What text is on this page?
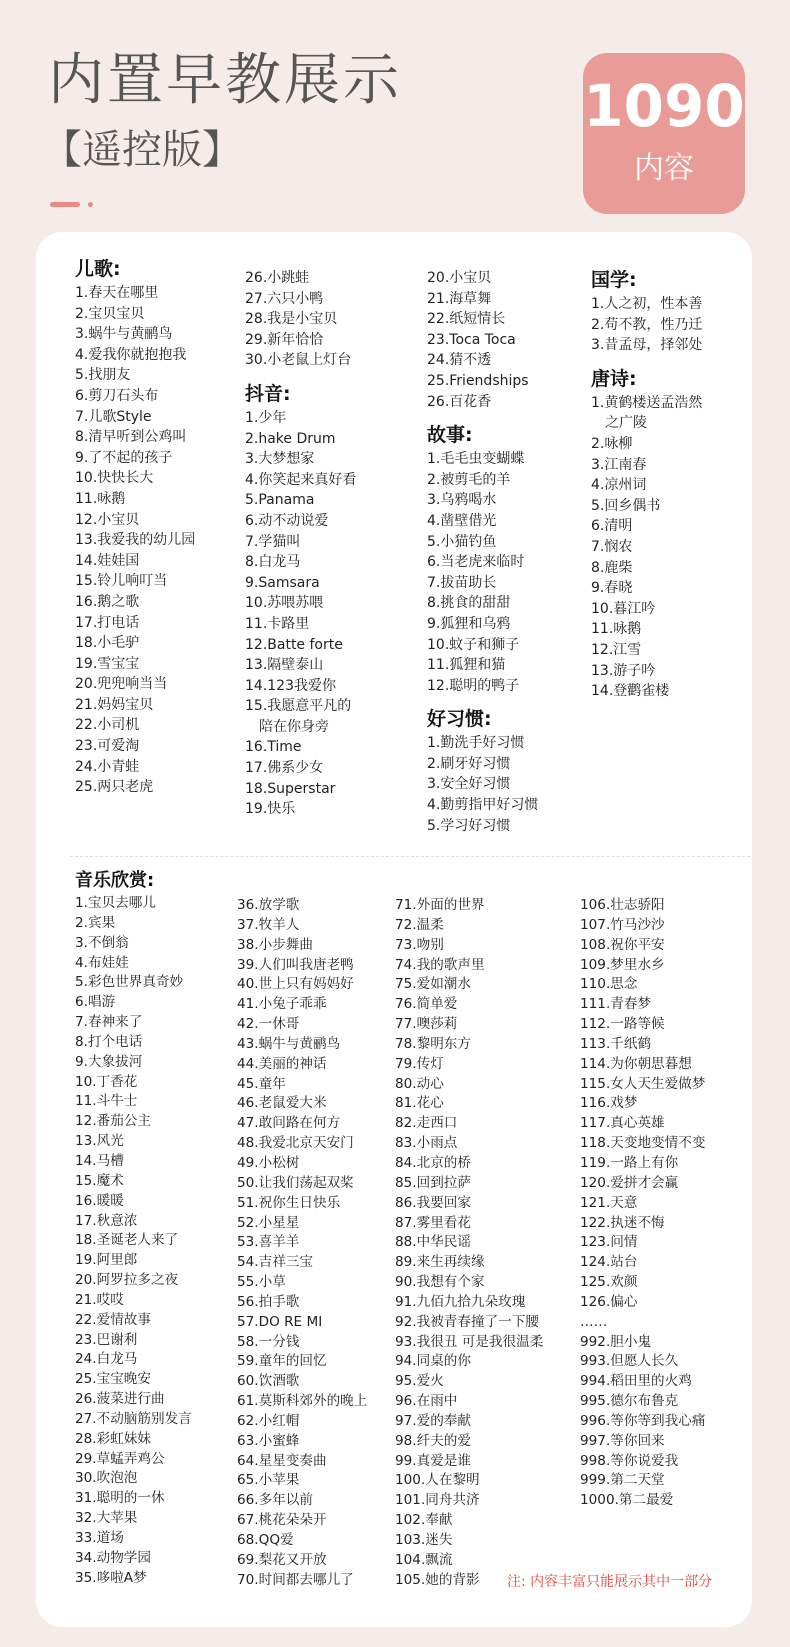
内置早教展示
【遥控版】
1090
内容
儿歌:
1.春天在哪里
2.宝贝宝贝
3.蜗牛与黄鹂鸟
4.爱我你就抱抱我
5.找朋友
6.剪刀石头布
7.儿歌Style
8.清早听到公鸡叫
9.了不起的孩子
10.快快长大
11.咏鹅
12.小宝贝
13.我爱我的幼儿园
14.娃娃国
15.铃儿响叮当
16.鹅之歌
17.打电话
18.小毛驴
19.雪宝宝
20.兜兜响当当
21.妈妈宝贝
22.小司机
23.可爱淘
24.小青蛙
25.两只老虎
26.小跳蛙
27.六只小鸭
28.我是小宝贝
29.新年恰恰
30.小老鼠上灯台
抖音:
1.少年
2.hake Drum
3.大梦想家
4.你笑起来真好看
5.Panama
6.动不动说爱
7.学猫叫
8.白龙马
9.Samsara
10.苏喂苏喂
11.卡路里
12.Batte forte
13.隔壁泰山
14.123我爱你
15.我愿意平凡的
陪在你身旁
16.Time
17.佛系少女
18.Superstar
19.快乐
20.小宝贝
21.海草舞
22.纸短情长
23.Toca Toca
24.猜不透
25.Friendships
26.百花香
故事:
1.毛毛虫变蝴蝶
2.被剪毛的羊
3.乌鸦喝水
4.凿壁借光
5.小猫钓鱼
6.当老虎来临时
7.拔苗助长
8.挑食的甜甜
9.狐狸和乌鸦
10.蚊子和狮子
11.狐狸和猫
12.聪明的鸭子
好习惯:
1.勤洗手好习惯
2.刷牙好习惯
3.安全好习惯
4.勤剪指甲好习惯
5.学习好习惯
国学:
1.人之初，性本善
2.苟不教，性乃迁
3.昔孟母，择邻处
唐诗:
1.黄鹤楼送孟浩然
之广陵
2.咏柳
3.江南春
4.凉州词
5.回乡偶书
6.清明
7.悯农
8.鹿柴
9.春晓
10.暮江吟
11.咏鹅
12.江雪
13.游子吟
14.登鹳雀楼
音乐欣赏:
1.宝贝去哪儿
2.宾果
3.不倒翁
4.布娃娃
5.彩色世界真奇妙
6.唱游
7.春神来了
8.打个电话
9.大象拔河
10.丁香花
11.斗牛士
12.番茄公主
13.风光
14.马槽
15.魔术
16.暖暖
17.秋意浓
18.圣诞老人来了
19.阿里郎
20.阿罗拉多之夜
21.哎哎
22.爱情故事
23.巴谢利
24.白龙马
25.宝宝晚安
26.菠菜进行曲
27.不动脑筋别发言
28.彩虹妹妹
29.草蜢弄鸡公
30.吹泡泡
31.聪明的一休
32.大苹果
33.道场
34.动物学园
35.哆啦A梦
36.放学歌
37.牧羊人
38.小步舞曲
39.人们叫我唐老鸭
40.世上只有妈妈好
41.小兔子乖乖
42.一休哥
43.蜗牛与黄鹂鸟
44.美丽的神话
45.童年
46.老鼠爱大米
47.敢问路在何方
48.我爱北京天安门
49.小松树
50.让我们荡起双桨
51.祝你生日快乐
52.小星星
53.喜羊羊
54.吉祥三宝
55.小草
56.拍手歌
57.DO RE MI
58.一分钱
59.童年的回忆
60.饮酒歌
61.莫斯科郊外的晚上
62.小红帽
63.小蜜蜂
64.星星变奏曲
65.小苹果
66.多年以前
67.桃花朵朵开
68.QQ爱
69.梨花又开放
70.时间都去哪儿了
71.外面的世界
72.温柔
73.吻别
74.我的歌声里
75.爱如潮水
76.简单爱
77.噢莎莉
78.黎明东方
79.传灯
80.动心
81.花心
82.走西口
83.小雨点
84.北京的桥
85.回到拉萨
86.我要回家
87.雾里看花
88.中华民谣
89.来生再续缘
90.我想有个家
91.九佰九拾九朵玫瑰
92.我被青春撞了一下腰
93.我很丑 可是我很温柔
94.同桌的你
95.爱火
96.在雨中
97.爱的奉献
98.纤夫的爱
99.真爱是谁
100.人在黎明
101.同舟共济
102.奉献
103.迷失
104.飘流
105.她的背影
106.壮志骄阳
107.竹马沙沙
108.祝你平安
109.梦里水乡
110.思念
111.青春梦
112.一路等候
113.千纸鹤
114.为你朝思暮想
115.女人天生爱做梦
116.戏梦
117.真心英雄
118.天变地变情不变
119.一路上有你
120.爱拼才会赢
121.天意
122.执迷不悔
123.问情
124.站台
125.欢颜
126.偏心
……
992.胆小鬼
993.但愿人长久
994.稻田里的火鸡
995.德尔布鲁克
996.等你等到我心痛
997.等你回来
998.等你说爱我
999.第二天堂
1000.第二最爱
注: 内容丰富只能展示其中一部分
